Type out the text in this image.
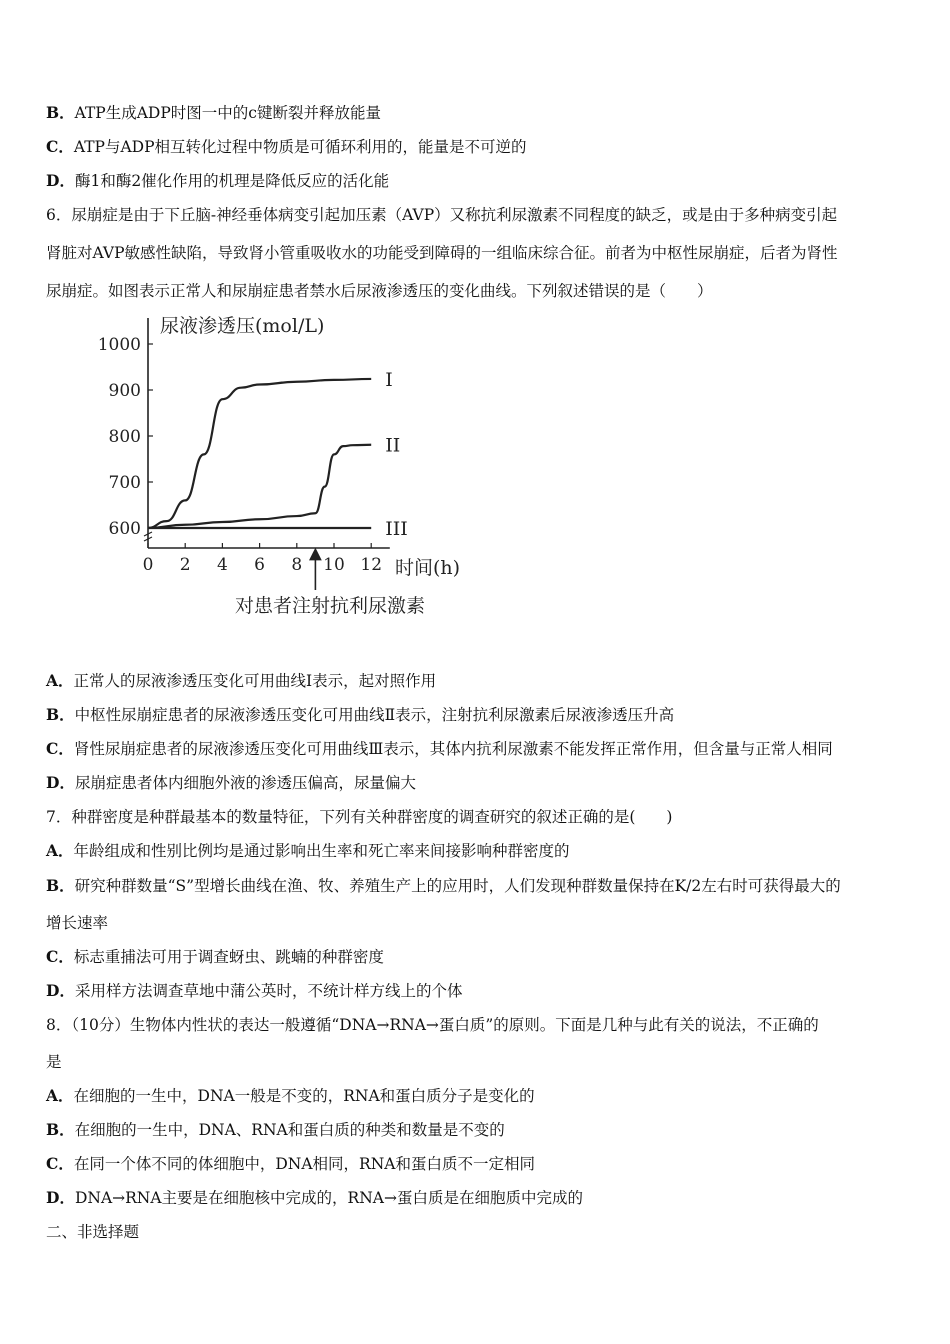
B．ATP生成ADP时图一中的c键断裂并释放能量
C．ATP与ADP相互转化过程中物质是可循环利用的，能量是不可逆的
D．酶1和酶2催化作用的机理是降低反应的活化能
6．尿崩症是由于下丘脑-神经垂体病变引起加压素（AVP）又称抗利尿激素不同程度的缺乏，或是由于多种病变引起
肾脏对AVP敏感性缺陷，导致肾小管重吸收水的功能受到障碍的一组临床综合征。前者为中枢性尿崩症，后者为肾性
尿崩症。如图表示正常人和尿崩症患者禁水后尿液渗透压的变化曲线。下列叙述错误的是（　　）
尿液渗透压(mol/L)
600
700
800
900
1000
0 2 4 6 8 10 12
I
II
III
时间(h)
对患者注射抗利尿激素
A．正常人的尿液渗透压变化可用曲线I表示，起对照作用
B．中枢性尿崩症患者的尿液渗透压变化可用曲线Ⅱ表示，注射抗利尿激素后尿液渗透压升高
C．肾性尿崩症患者的尿液渗透压变化可用曲线Ⅲ表示，其体内抗利尿激素不能发挥正常作用，但含量与正常人相同
D．尿崩症患者体内细胞外液的渗透压偏高，尿量偏大
7．种群密度是种群最基本的数量特征，下列有关种群密度的调查研究的叙述正确的是(　　)
A．年龄组成和性别比例均是通过影响出生率和死亡率来间接影响种群密度的
B．研究种群数量“S”型增长曲线在渔、牧、养殖生产上的应用时，人们发现种群数量保持在K/2左右时可获得最大的
增长速率
C．标志重捕法可用于调查蚜虫、跳蝻的种群密度
D．采用样方法调查草地中蒲公英时，不统计样方线上的个体
8．（10分）生物体内性状的表达一般遵循“DNA→RNA→蛋白质”的原则。下面是几种与此有关的说法，不正确的
是
A．在细胞的一生中，DNA一般是不变的，RNA和蛋白质分子是变化的
B．在细胞的一生中，DNA、RNA和蛋白质的种类和数量是不变的
C．在同一个体不同的体细胞中，DNA相同，RNA和蛋白质不一定相同
D．DNA→RNA主要是在细胞核中完成的，RNA→蛋白质是在细胞质中完成的
二、非选择题
